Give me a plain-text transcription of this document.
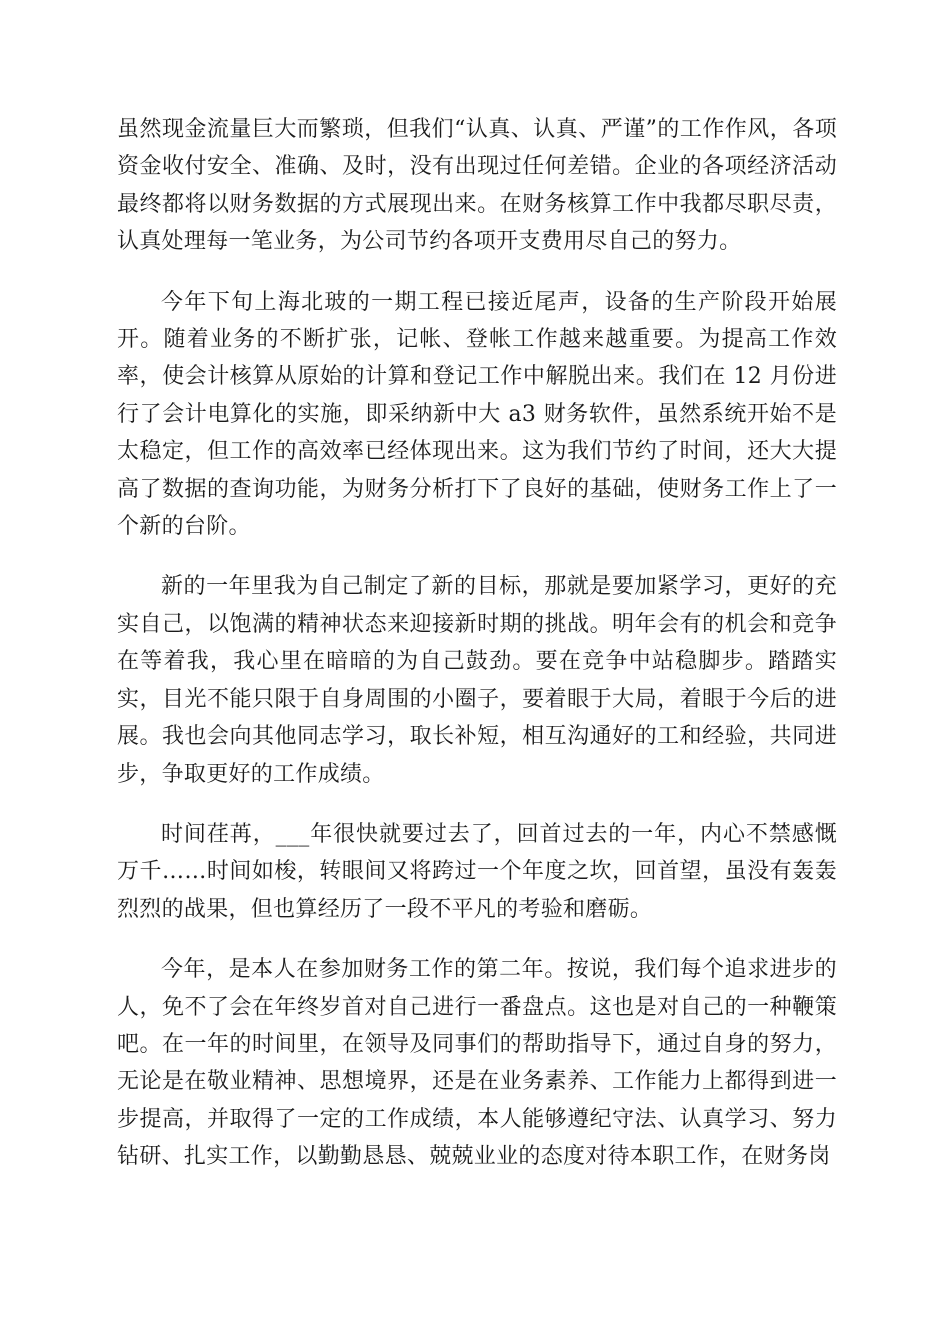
虽然现金流量巨大而繁琐，但我们“认真、认真、严谨”的工作作风，各项资金收付安全、准确、及时，没有出现过任何差错。企业的各项经济活动最终都将以财务数据的方式展现出来。在财务核算工作中我都尽职尽责，认真处理每一笔业务，为公司节约各项开支费用尽自己的努力。

今年下旬上海北玻的一期工程已接近尾声，设备的生产阶段开始展开。随着业务的不断扩张，记帐、登帐工作越来越重要。为提高工作效率，使会计核算从原始的计算和登记工作中解脱出来。我们在 12 月份进行了会计电算化的实施，即采纳新中大 a3 财务软件，虽然系统开始不是太稳定，但工作的高效率已经体现出来。这为我们节约了时间，还大大提高了数据的查询功能，为财务分析打下了良好的基础，使财务工作上了一个新的台阶。

新的一年里我为自己制定了新的目标，那就是要加紧学习，更好的充实自己，以饱满的精神状态来迎接新时期的挑战。明年会有的机会和竞争在等着我，我心里在暗暗的为自己鼓劲。要在竞争中站稳脚步。踏踏实实，目光不能只限于自身周围的小圈子，要着眼于大局，着眼于今后的进展。我也会向其他同志学习，取长补短，相互沟通好的工和经验，共同进步，争取更好的工作成绩。

时间荏苒，___年很快就要过去了，回首过去的一年，内心不禁感慨万千……时间如梭，转眼间又将跨过一个年度之坎，回首望，虽没有轰轰烈烈的战果，但也算经历了一段不平凡的考验和磨砺。

今年，是本人在参加财务工作的第二年。按说，我们每个追求进步的人，免不了会在年终岁首对自己进行一番盘点。这也是对自己的一种鞭策吧。在一年的时间里，在领导及同事们的帮助指导下，通过自身的努力，无论是在敬业精神、思想境界，还是在业务素养、工作能力上都得到进一步提高，并取得了一定的工作成绩，本人能够遵纪守法、认真学习、努力钻研、扎实工作，以勤勤恳恳、兢兢业业的态度对待本职工作，在财务岗
